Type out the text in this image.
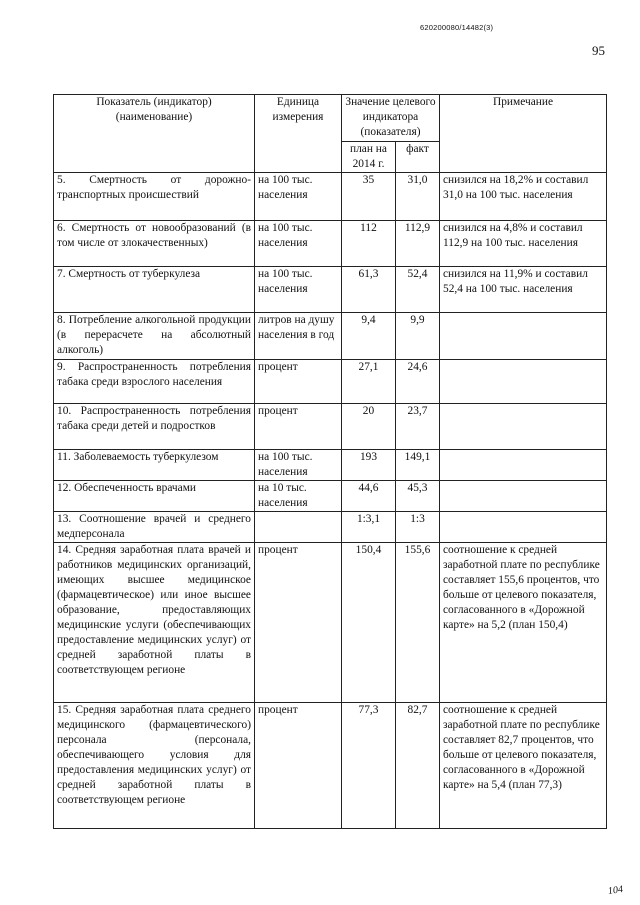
620200080/14482(3)
95
Показатель (индикатор) (наименование)	Единица измерения	Значение целевого индикатора (показателя)		Примечание
		план на 2014 г.	факт	
5. Смертность от дорожно-транспортных происшествий	на 100 тыс. населения	35	31,0	снизился на 18,2% и составил 31,0 на 100 тыс. населения
6. Смертность от новообразований (в том числе от злокачественных)	на 100 тыс. населения	112	112,9	снизился на 4,8% и составил 112,9 на 100 тыс. населения
7. Смертность от туберкулеза	на 100 тыс. населения	61,3	52,4	снизился на 11,9% и составил 52,4 на 100 тыс. населения
8. Потребление алкогольной продукции (в перерасчете на абсолютный алкоголь)	литров на душу населения в год	9,4	9,9	
9. Распространенность потребления табака среди взрослого населения	процент	27,1	24,6	
10. Распространенность потребления табака среди детей и подростков	процент	20	23,7	
11. Заболеваемость туберкулезом	на 100 тыс. населения	193	149,1	
12. Обеспеченность врачами	на 10 тыс. населения	44,6	45,3	
13. Соотношение врачей и среднего медперсонала		1:3,1	1:3	
14. Средняя заработная плата врачей и работников медицинских организаций, имеющих высшее медицинское (фармацевтическое) или иное высшее образование, предоставляющих медицинские услуги (обеспечивающих предоставление медицинских услуг) от средней заработной платы в соответствующем регионе	процент	150,4	155,6	соотношение к средней заработной плате по республике составляет 155,6 процентов, что больше от целевого показателя, согласованного в «Дорожной карте» на 5,2 (план 150,4)
15. Средняя заработная плата среднего медицинского (фармацевтического) персонала (персонала, обеспечивающего условия для предоставления медицинских услуг) от средней заработной платы в соответствующем регионе	процент	77,3	82,7	соотношение к средней заработной плате по республике составляет 82,7 процентов, что больше от целевого показателя, согласованного в «Дорожной карте» на 5,4 (план 77,3)
104
